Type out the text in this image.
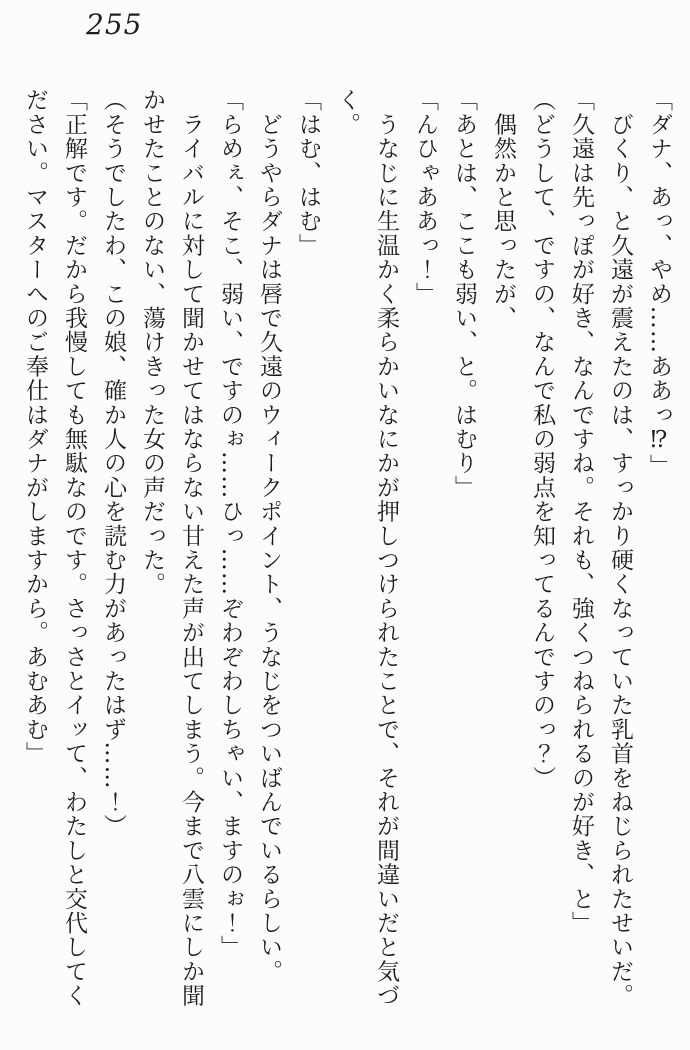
255

「ダナ、あっ、やめ……ああっ⁉」

　びくり、と久遠が震えたのは、すっかり硬くなっていた乳首をねじられたせいだ。

「久遠は先っぽが好き、なんですね。それも、強くつねられるのが好き、と」

（どうして、ですの、なんで私の弱点を知ってるんですのっ？）

　偶然かと思ったが、

「あとは、ここも弱い、と。はむり」

「んひゃああっ！」

　うなじに生温かく柔らかいなにかが押しつけられたことで、それが間違いだと気づ

く。

「はむ、はむ」

　どうやらダナは唇で久遠のウィークポイント、うなじをついばんでいるらしい。

「らめぇ、そこ、弱い、ですのぉ……ひっ……ぞわぞわしちゃい、ますのぉ！」

　ライバルに対して聞かせてはならない甘えた声が出てしまう。今まで八雲にしか聞

かせたことのない、蕩けきった女の声だった。

（そうでしたわ、この娘、確か人の心を読む力があったはず……！）

「正解です。だから我慢しても無駄なのです。さっさとイッて、わたしと交代してく

ださい。マスターへのご奉仕はダナがしますから。あむあむ」
